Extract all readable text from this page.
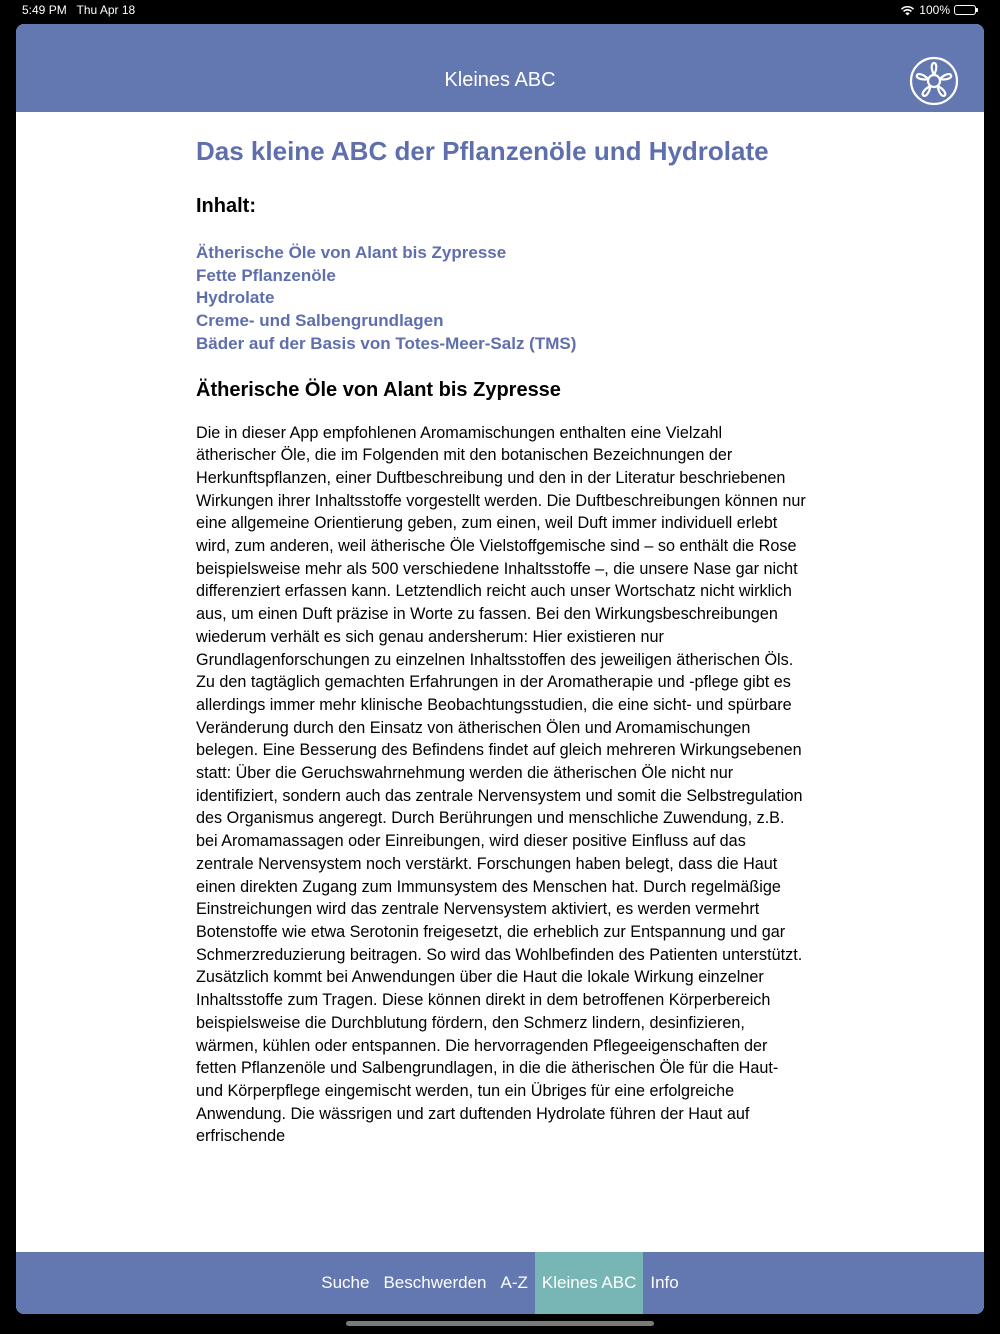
5:49 PM Thu Apr 18	100%
Kleines ABC
Das kleine ABC der Pflanzenöle und Hydrolate
Inhalt:
Ätherische Öle von Alant bis Zypresse
Fette Pflanzenöle
Hydrolate
Creme- und Salbengrundlagen
Bäder auf der Basis von Totes-Meer-Salz (TMS)
Ätherische Öle von Alant bis Zypresse

Die in dieser App empfohlenen Aromamischungen enthalten eine Vielzahl ätherischer Öle, die im Folgenden mit den botanischen Bezeichnungen der Herkunftspflanzen, einer Duftbeschreibung und den in der Literatur beschriebenen Wirkungen ihrer Inhaltsstoffe vorgestellt werden. Die Duftbeschreibungen können nur eine allgemeine Orientierung geben, zum einen, weil Duft immer individuell erlebt wird, zum anderen, weil ätherische Öle Vielstoffgemische sind – so enthält die Rose beispielsweise mehr als 500 verschiedene Inhaltsstoffe –, die unsere Nase gar nicht differenziert erfassen kann. Letztendlich reicht auch unser Wortschatz nicht wirklich aus, um einen Duft präzise in Worte zu fassen. Bei den Wirkungsbeschreibungen wiederum verhält es sich genau andersherum: Hier existieren nur Grundlagenforschungen zu einzelnen Inhaltsstoffen des jeweiligen ätherischen Öls. Zu den tagtäglich gemachten Erfahrungen in der Aromatherapie und -pflege gibt es allerdings immer mehr klinische Beobachtungsstudien, die eine sicht- und spürbare Veränderung durch den Einsatz von ätherischen Ölen und Aromamischungen belegen. Eine Besserung des Befindens findet auf gleich mehreren Wirkungsebenen statt: Über die Geruchswahrnehmung werden die ätherischen Öle nicht nur identifiziert, sondern auch das zentrale Nervensystem und somit die Selbstregulation des Organismus angeregt. Durch Berührungen und menschliche Zuwendung, z.B. bei Aromamassagen oder Einreibungen, wird dieser positive Einfluss auf das zentrale Nervensystem noch verstärkt. Forschungen haben belegt, dass die Haut einen direkten Zugang zum Immunsystem des Menschen hat. Durch regelmäßige Einstreichungen wird das zentrale Nervensystem aktiviert, es werden vermehrt Botenstoffe wie etwa Serotonin freigesetzt, die erheblich zur Entspannung und gar Schmerzreduzierung beitragen. So wird das Wohlbefinden des Patienten unterstützt. Zusätzlich kommt bei Anwendungen über die Haut die lokale Wirkung einzelner Inhaltsstoffe zum Tragen. Diese können direkt in dem betroffenen Körperbereich beispielsweise die Durchblutung fördern, den Schmerz lindern, desinfizieren, wärmen, kühlen oder entspannen. Die hervorragenden Pflegeeigenschaften der fetten Pflanzenöle und Salbengrundlagen, in die die ätherischen Öle für die Haut- und Körperpflege eingemischt werden, tun ein Übriges für eine erfolgreiche Anwendung. Die wässrigen und zart duftenden Hydrolate führen der Haut auf erfrischende

Suche Beschwerden A-Z Kleines ABC Info
